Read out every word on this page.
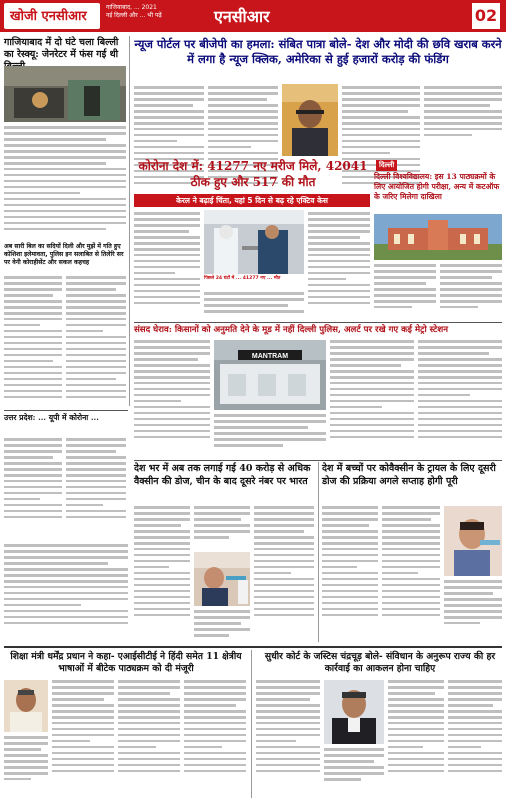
खोजी एनसीआर
गाजियाबाद, ... 2021
नई दिल्ली और ... भी पढ़ें	एनसीआर	02
गाजियाबाद में दो घंटे चला बिल्ली का रेस्क्यू: जेनरेटर में फंस गई थी
अब सारी बिल का सदियों दिली और मुझें में गति हुए कोशिशा इलेमावता, पुलिस इन सलाबित से तिलेरि सर पर वेनी कोराहीसेंट और सकल कहचह
न्यूज पोर्टल पर बीजेपी का हमला: संबित पात्रा बोले- देश और मोदी की छवि खराब करने में लगा है न्यूज क्लिक, अमेरिका से हुई हजारों करोड़ की फंडिंग
कोरोना देश में: 41277 नए मरीज मिले, 42041 ठीक हुए और 517 की मौत
केरल ने बढ़ाई चिंता, यहां 5 दिन से बढ़ रहे एक्टिव केस
पिछले 24 घंटों में ... 41277 नए ... मौत
दिल्ली
दिल्ली विश्वविद्यालय: इस 13 पाठ्यक्रमों के लिए आयोजित होगी परीक्षा, अन्य में कटऑफ के जरिए मिलेगा दाखिला
संसद घेराव: किसानों को अनुमति देने के मूड में नहीं दिल्ली पुलिस, अलर्ट पर रखे गए कई मेट्रो स्टेशन
MANTRAM
उत्तर प्रदेश: ... यूपी में कोरोना ...
देश भर में अब तक लगाई गई 40 करोड़ से अधिक वैक्सीन की डोज, चीन के बाद दूसरे नंबर पर भारत
देश में बच्चों पर कोवैक्सीन के ट्रायल के लिए दूसरी डोज की प्रक्रिया अगले सप्ताह होगी पूरी
शिक्षा मंत्री धर्मेंद्र प्रधान ने कहा- एआईसीटीई ने हिंदी समेत 11 क्षेत्रीय भाषाओं में बीटेक पाठ्यक्रम को दी मंजूरी
सुधीर कोर्ट के जस्टिस चंद्रचूड़ बोले- संविधान के अनुरूप राज्य की हर कार्रवाई का आकलन होना चाहिए
